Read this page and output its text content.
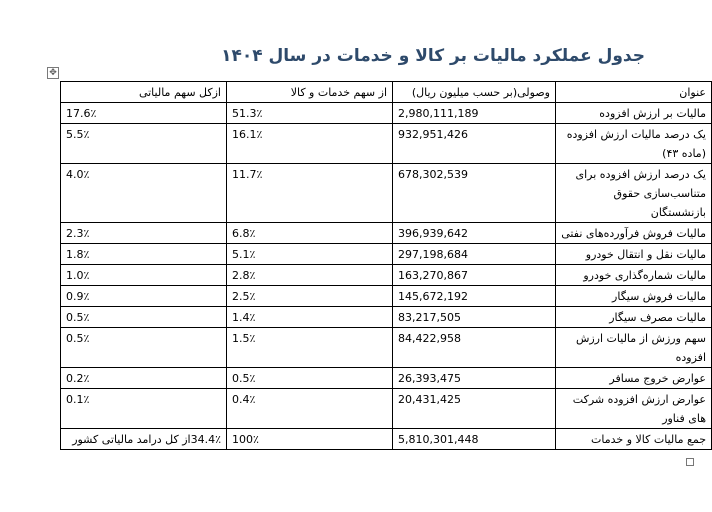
جدول عملکرد مالیات بر کالا و خدمات در سال ۱۴۰۴
✥
عنوان	وصولی(بر حسب میلیون ریال)	از سهم خدمات و کالا	ازکل سهم مالیاتی
مالیات بر ارزش افزوده	2,980,111,189	51.3٪	17.6٪
یک درصد مالیات ارزش افزوده (ماده ۴۳)	932,951,426	16.1٪	5.5٪
یک درصد ارزش افزوده برای متناسب‌سازی حقوق بازنشستگان	678,302,539	11.7٪	4.0٪
مالیات فروش فرآورده‌های نفتی	396,939,642	6.8٪	2.3٪
مالیات نقل و انتقال خودرو	297,198,684	5.1٪	1.8٪
مالیات شماره‌گذاری خودرو	163,270,867	2.8٪	1.0٪
مالیات فروش سیگار	145,672,192	2.5٪	0.9٪
مالیات مصرف سیگار	83,217,505	1.4٪	0.5٪
سهم ورزش از مالیات ارزش افزوده	84,422,958	1.5٪	0.5٪
عوارض خروج مسافر	26,393,475	0.5٪	0.2٪
عوارض ارزش افزوده شرکت های فناور	20,431,425	0.4٪	0.1٪
جمع مالیات کالا و خدمات	5,810,301,448	100٪	34.4٪از کل درامد مالیاتی کشور
